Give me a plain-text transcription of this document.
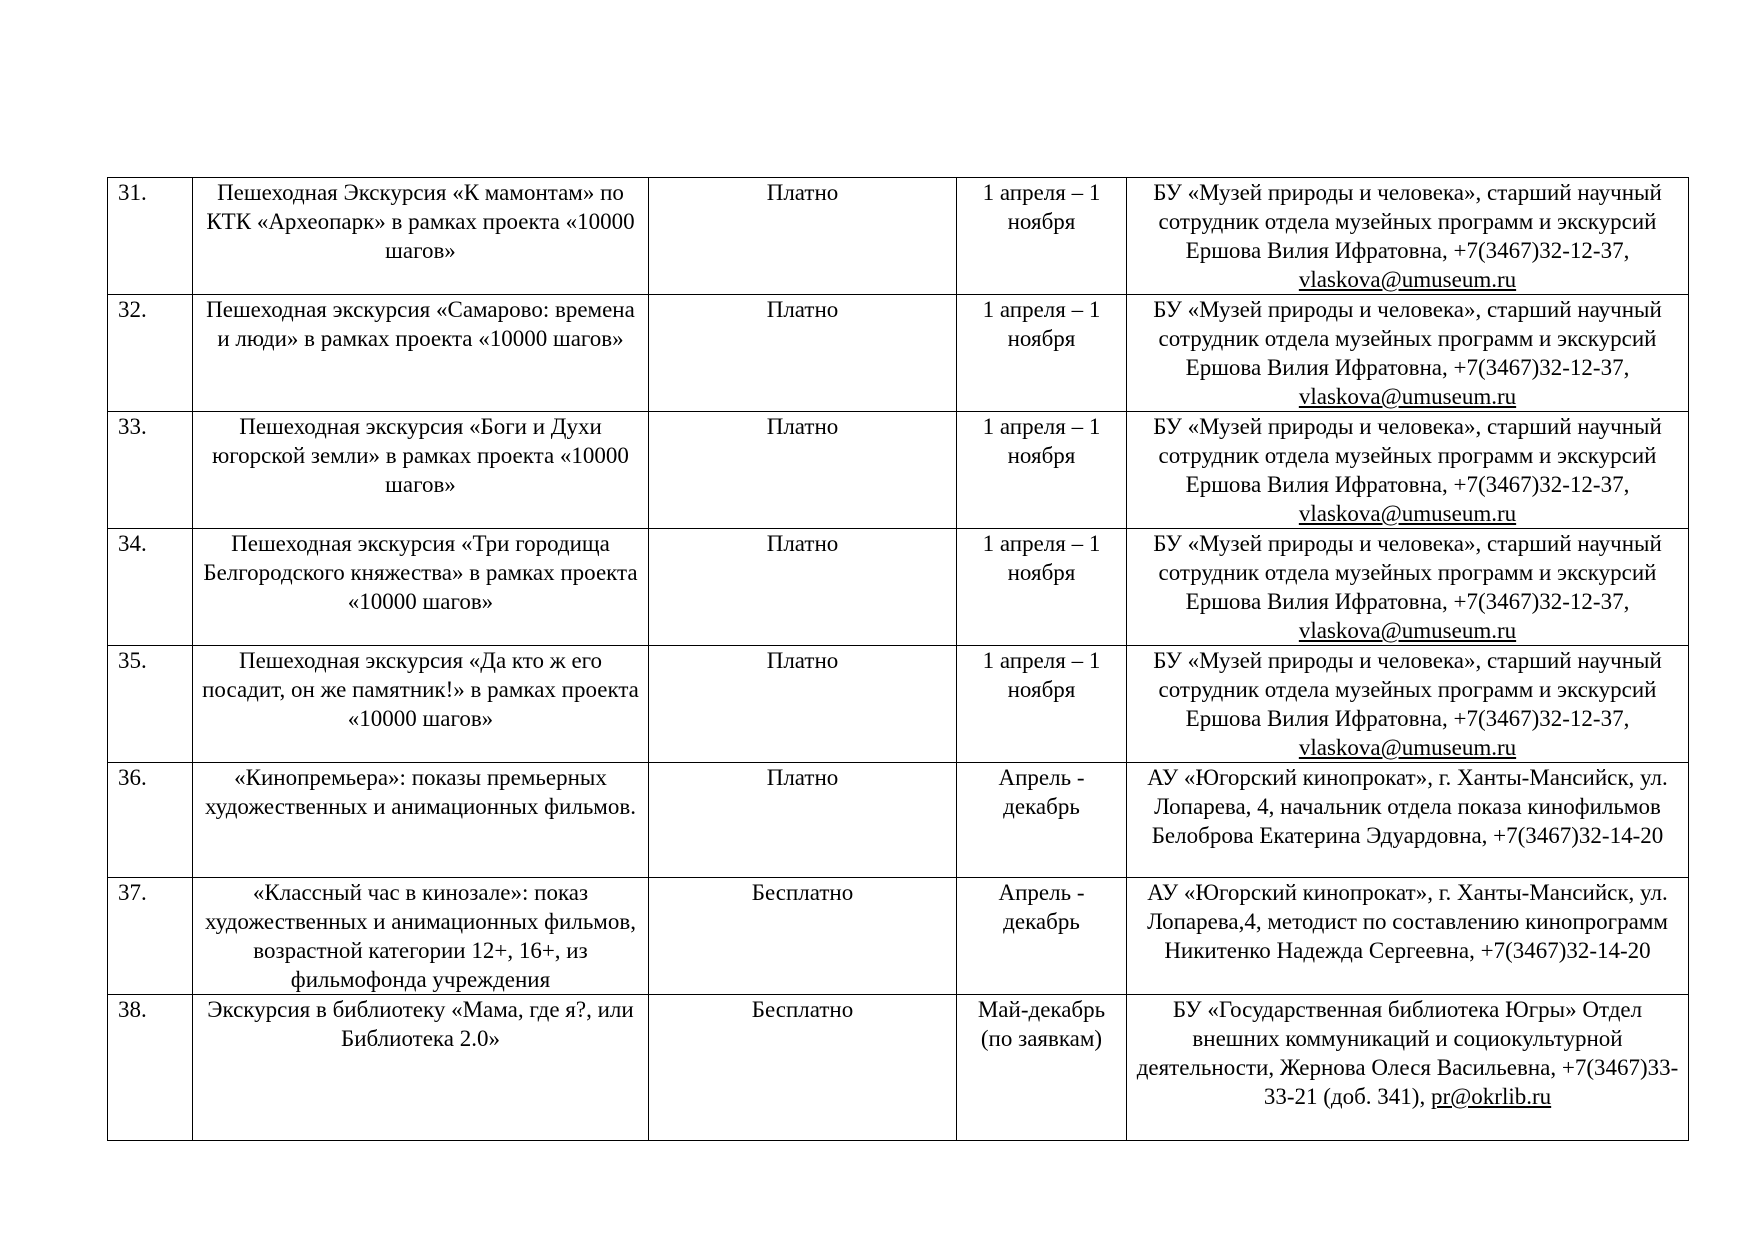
31.	Пешеходная Экскурсия «К мамонтам» по КТК «Археопарк» в рамках проекта «10000 шагов»	Платно	1 апреля – 1 ноября	БУ «Музей природы и человека», старший научный сотрудник отдела музейных программ и экскурсий Ершова Вилия Ифратовна, +7(3467)32-12-37, vlaskova@umuseum.ru
32.	Пешеходная экскурсия «Самарово: времена и люди» в рамках проекта «10000 шагов»	Платно	1 апреля – 1 ноября	БУ «Музей природы и человека», старший научный сотрудник отдела музейных программ и экскурсий Ершова Вилия Ифратовна, +7(3467)32-12-37, vlaskova@umuseum.ru
33.	Пешеходная экскурсия «Боги и Духи югорской земли» в рамках проекта «10000 шагов»	Платно	1 апреля – 1 ноября	БУ «Музей природы и человека», старший научный сотрудник отдела музейных программ и экскурсий Ершова Вилия Ифратовна, +7(3467)32-12-37, vlaskova@umuseum.ru
34.	Пешеходная экскурсия «Три городища Белгородского княжества» в рамках проекта «10000 шагов»	Платно	1 апреля – 1 ноября	БУ «Музей природы и человека», старший научный сотрудник отдела музейных программ и экскурсий Ершова Вилия Ифратовна, +7(3467)32-12-37, vlaskova@umuseum.ru
35.	Пешеходная экскурсия «Да кто ж его посадит, он же памятник!» в рамках проекта «10000 шагов»	Платно	1 апреля – 1 ноября	БУ «Музей природы и человека», старший научный сотрудник отдела музейных программ и экскурсий Ершова Вилия Ифратовна, +7(3467)32-12-37, vlaskova@umuseum.ru
36.	«Кинопремьера»: показы премьерных художественных и анимационных фильмов.	Платно	Апрель - декабрь	АУ «Югорский кинопрокат», г. Ханты-Мансийск, ул. Лопарева, 4, начальник отдела показа кинофильмов Белоброва Екатерина Эдуардовна, +7(3467)32-14-20
37.	«Классный час в кинозале»: показ художественных и анимационных фильмов, возрастной категории 12+, 16+, из фильмофонда учреждения	Бесплатно	Апрель - декабрь	АУ «Югорский кинопрокат», г. Ханты-Мансийск, ул. Лопарева,4, методист по составлению кинопрограмм Никитенко Надежда Сергеевна, +7(3467)32-14-20
38.	Экскурсия в библиотеку «Мама, где я?, или Библиотека 2.0»	Бесплатно	Май-декабрь (по заявкам)	БУ «Государственная библиотека Югры» Отдел внешних коммуникаций и социокультурной деятельности, Жернова Олеся Васильевна, +7(3467)33-33-21 (доб. 341), pr@okrlib.ru
